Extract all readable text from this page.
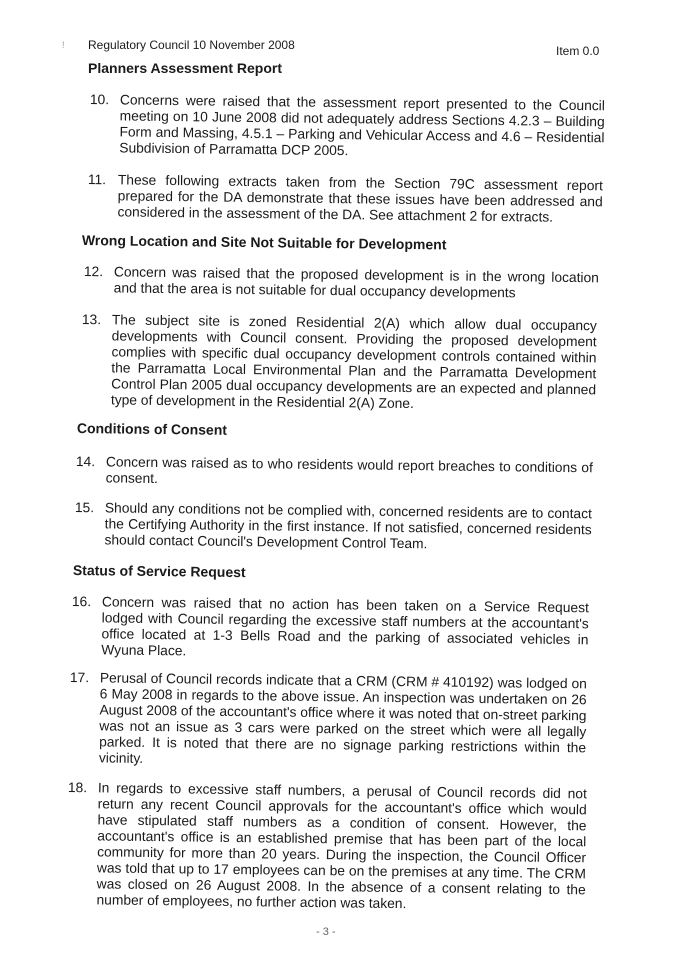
! Regulatory Council 10 November 2008	Item 0.0
Planners Assessment Report
10. Concerns were raised that the assessment report presented to the Council meeting on 10 June 2008 did not adequately address Sections 4.2.3 – Building Form and Massing, 4.5.1 – Parking and Vehicular Access and 4.6 – Residential Subdivision of Parramatta DCP 2005.
11. These following extracts taken from the Section 79C assessment report prepared for the DA demonstrate that these issues have been addressed and considered in the assessment of the DA. See attachment 2 for extracts.
Wrong Location and Site Not Suitable for Development
12. Concern was raised that the proposed development is in the wrong location and that the area is not suitable for dual occupancy developments
13. The subject site is zoned Residential 2(A) which allow dual occupancy developments with Council consent. Providing the proposed development complies with specific dual occupancy development controls contained within the Parramatta Local Environmental Plan and the Parramatta Development Control Plan 2005 dual occupancy developments are an expected and planned type of development in the Residential 2(A) Zone.
Conditions of Consent
14. Concern was raised as to who residents would report breaches to conditions of consent.
15. Should any conditions not be complied with, concerned residents are to contact the Certifying Authority in the first instance. If not satisfied, concerned residents should contact Council's Development Control Team.
Status of Service Request
16. Concern was raised that no action has been taken on a Service Request lodged with Council regarding the excessive staff numbers at the accountant's office located at 1-3 Bells Road and the parking of associated vehicles in Wyuna Place.
17. Perusal of Council records indicate that a CRM (CRM # 410192) was lodged on 6 May 2008 in regards to the above issue. An inspection was undertaken on 26 August 2008 of the accountant's office where it was noted that on-street parking was not an issue as 3 cars were parked on the street which were all legally parked. It is noted that there are no signage parking restrictions within the vicinity.
18. In regards to excessive staff numbers, a perusal of Council records did not return any recent Council approvals for the accountant's office which would have stipulated staff numbers as a condition of consent. However, the accountant's office is an established premise that has been part of the local community for more than 20 years. During the inspection, the Council Officer was told that up to 17 employees can be on the premises at any time. The CRM was closed on 26 August 2008. In the absence of a consent relating to the number of employees, no further action was taken.
- 3 -
